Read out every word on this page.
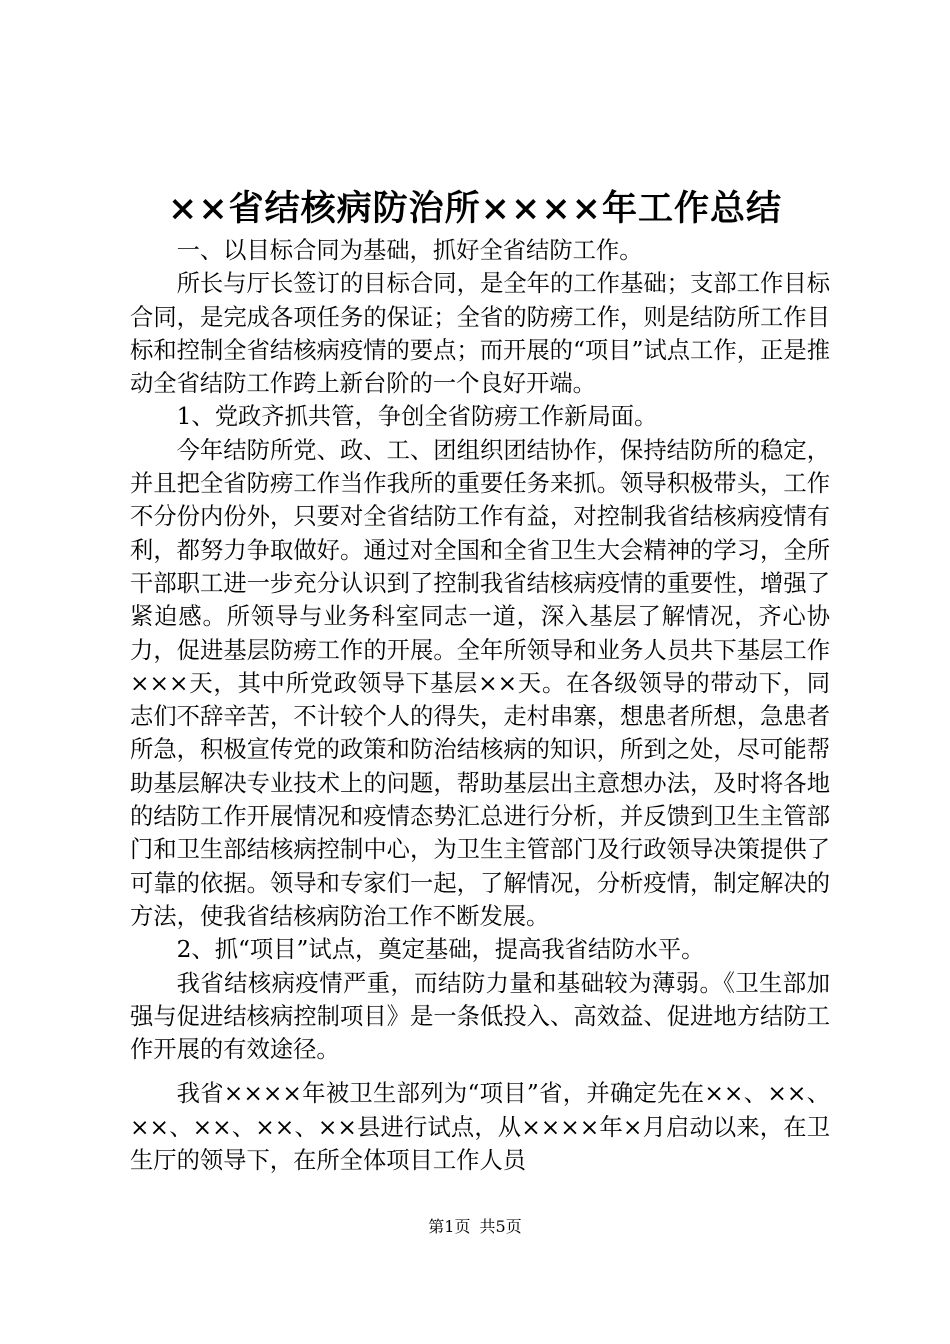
××省结核病防治所××××年工作总结

一、以目标合同为基础，抓好全省结防工作。

所长与厅长签订的目标合同，是全年的工作基础；支部工作目标合同，是完成各项任务的保证；全省的防痨工作，则是结防所工作目标和控制全省结核病疫情的要点；而开展的“项目”试点工作，正是推动全省结防工作跨上新台阶的一个良好开端。

1、党政齐抓共管，争创全省防痨工作新局面。

今年结防所党、政、工、团组织团结协作，保持结防所的稳定，并且把全省防痨工作当作我所的重要任务来抓。领导积极带头，工作不分份内份外，只要对全省结防工作有益，对控制我省结核病疫情有利，都努力争取做好。通过对全国和全省卫生大会精神的学习，全所干部职工进一步充分认识到了控制我省结核病疫情的重要性，增强了紧迫感。所领导与业务科室同志一道，深入基层了解情况，齐心协力，促进基层防痨工作的开展。全年所领导和业务人员共下基层工作×××天，其中所党政领导下基层××天。在各级领导的带动下，同志们不辞辛苦，不计较个人的得失，走村串寨，想患者所想，急患者所急，积极宣传党的政策和防治结核病的知识，所到之处，尽可能帮助基层解决专业技术上的问题，帮助基层出主意想办法，及时将各地的结防工作开展情况和疫情态势汇总进行分析，并反馈到卫生主管部门和卫生部结核病控制中心，为卫生主管部门及行政领导决策提供了可靠的依据。领导和专家们一起，了解情况，分析疫情，制定解决的方法，使我省结核病防治工作不断发展。

2、抓“项目”试点，奠定基础，提高我省结防水平。

我省结核病疫情严重，而结防力量和基础较为薄弱。《卫生部加强与促进结核病控制项目》是一条低投入、高效益、促进地方结防工作开展的有效途径。

我省××××年被卫生部列为“项目”省，并确定先在××、××、××、××、××、××县进行试点，从××××年×月启动以来，在卫生厅的领导下，在所全体项目工作人员

第1页 共5页
